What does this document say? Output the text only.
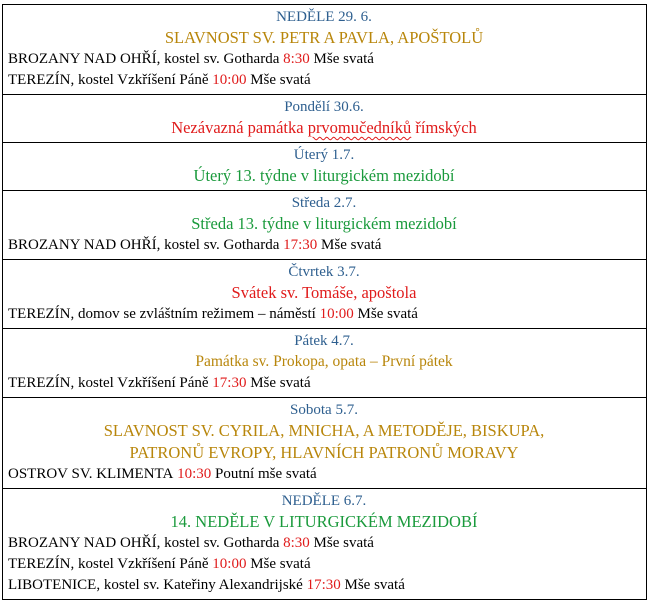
NEDĚLE 29. 6.
SLAVNOST SV. PETR A PAVLA, APOŠTOLŮ
BROZANY NAD OHŘÍ, kostel sv. Gotharda 8:30 Mše svatá
TEREZÍN, kostel Vzkříšení Páně 10:00 Mše svatá

Pondělí 30.6.
Nezávazná památka prvomučedníků římských

Úterý 1.7.
Úterý 13. týdne v liturgickém mezidobí

Středa 2.7.
Středa 13. týdne v liturgickém mezidobí
BROZANY NAD OHŘÍ, kostel sv. Gotharda 17:30 Mše svatá

Čtvrtek 3.7.
Svátek sv. Tomáše, apoštola
TEREZÍN, domov se zvláštním režimem – náměstí 10:00 Mše svatá

Pátek 4.7.
Památka sv. Prokopa, opata – První pátek
TEREZÍN, kostel Vzkříšení Páně 17:30 Mše svatá

Sobota 5.7.
SLAVNOST SV. CYRILA, MNICHA, A METODĚJE, BISKUPA,
PATRONŮ EVROPY, HLAVNÍCH PATRONŮ MORAVY
OSTROV SV. KLIMENTA 10:30 Poutní mše svatá

NEDĚLE 6.7.
14. NEDĚLE V LITURGICKÉM MEZIDOBÍ
BROZANY NAD OHŘÍ, kostel sv. Gotharda 8:30 Mše svatá
TEREZÍN, kostel Vzkříšení Páně 10:00 Mše svatá
LIBOTENICE, kostel sv. Kateřiny Alexandrijské 17:30 Mše svatá
